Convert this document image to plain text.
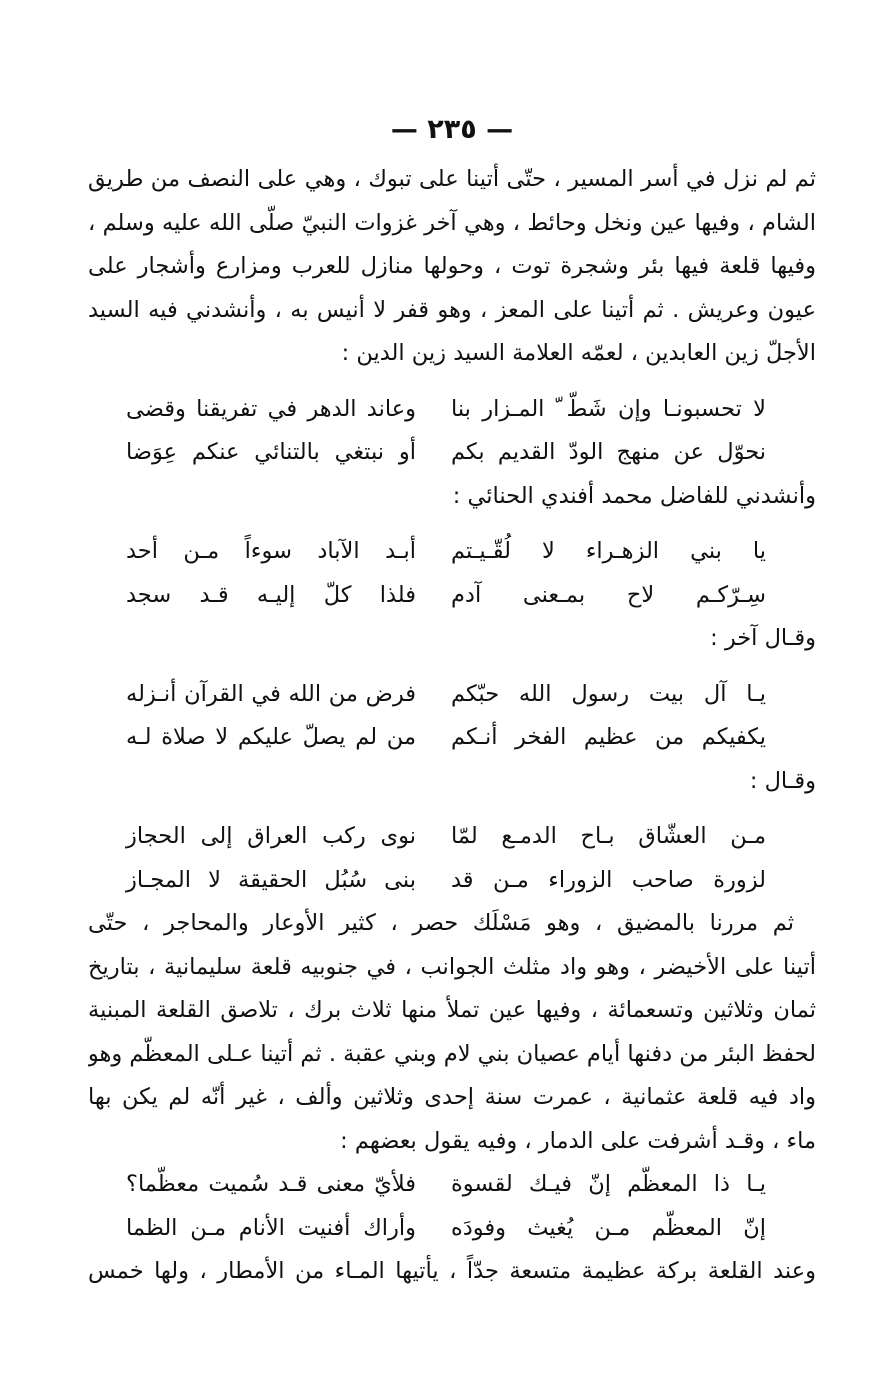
— ٢٣٥ —
ثم لم نزل في أسر المسير ، حتّى أتينا على تبوك ، وهي على النصف من طريق
الشام ، وفيها عين ونخل وحائط ، وهي آخر غزوات النبيّ صلّى الله عليه وسلم ،
وفيها قلعة فيها بئر وشجرة توت ، وحولها منازل للعرب ومزارع وأشجار على
عيون وعريش . ثم أتينا على المعز ، وهو قفر لا أنيس به ، وأنشدني فيه السيد
الأجلّ زين العابدين ، لعمّه العلامة السيد زين الدين :
لا تحسبونـا وإن شَطّ ّ المـزار بنا
وعاند الدهر في تفريقنا وقضى
نحوّل عن منهج الودّ القديم بكم
أو نبتغي بالتنائي عنكم عِوَضا
وأنشدني للفاضل محمد أفندي الحنائي :
يا بني الزهـراء لا لُقّـيـتم
أبـد الآباد سوءاً مـن أحد
سِـرّكـم لاح بمـعنى آدم
فلذا كلّ إليـه قـد سجد
وقـال آخر :
يـا آل بيت رسول الله حبّكم
فرض من الله في القرآن أنـزله
يكفيكم من عظيم الفخر أنـكم
من لم يصلّ عليكم لا صلاة لـه
وقـال :
مـن العشّاق بـاح الدمـع لمّا
نوى ركب العراق إلى الحجاز
لزورة صاحب الزوراء مـن قد
بنى سُبُل الحقيقة لا المجـاز
ثم مررنا بالمضيق ، وهو مَسْلَك حصر ، كثير الأوعار والمحاجر ، حتّى
أتينا على الأخيضر ، وهو واد مثلث الجوانب ، في جنوبيه قلعة سليمانية ، بتاريخ
ثمان وثلاثين وتسعمائة ، وفيها عين تملأ منها ثلاث برك ، تلاصق القلعة المبنية
لحفظ البئر من دفنها أيام عصيان بني لام وبني عقبة . ثم أتينا عـلى المعظّم وهو
واد فيه قلعة عثمانية ، عمرت سنة إحدى وثلاثين وألف ، غير أنّه لم يكن بها
ماء ، وقـد أشرفت على الدمار ، وفيه يقول بعضهم :
يـا ذا المعظّم إنّ فيـك لقسوة
فلأيّ معنى قـد سُميت معظّما؟
إنّ المعظّم مـن يُغيث وفودَه
وأراك أفنيت الأنام مـن الظما
وعند القلعة بركة عظيمة متسعة جدّاً ، يأتيها المـاء من الأمطار ، ولها خمس
